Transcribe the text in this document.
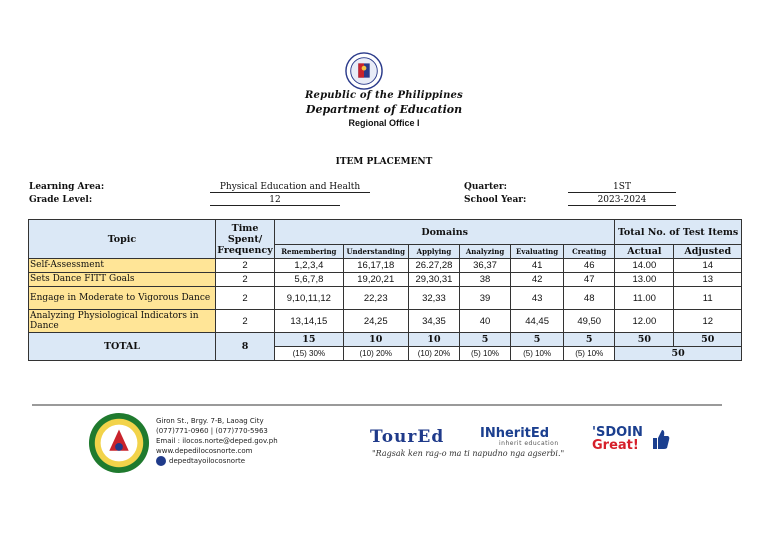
Republic of the Philippines
Department of Education
Regional Office I
ITEM PLACEMENT
Learning Area:	Physical Education and Health
Grade Level:	12
Quarter:	1ST
School Year:	2023-2024
Topic	Time Spent/ Frequency	Domains						Total No. of Test Items	
		Remembering	Understanding	Applying	Analyzing	Evaluating	Creating	Actual	Adjusted
Self-Assessment	2	1,2,3,4	16,17,18	26.27,28	36,37	41	46	14.00	14
Sets Dance FITT Goals	2	5,6,7,8	19,20,21	29,30,31	38	42	47	13.00	13
Engage in Moderate to Vigorous Dance	2	9,10,11,12	22,23	32,33	39	43	48	11.00	11
Analyzing Physiological Indicators in Dance	2	13,14,15	24,25	34,35	40	44,45	49,50	12.00	12
TOTAL	8	15	10	10	5	5	5	50	50
		(15) 30%	(10) 20%	(10) 20%	(5) 10%	(5) 10%	(5) 10%	50	
Giron St., Brgy. 7-B, Laoag City
(077)771-0960 | (077)770-5963
Email : ilocos.norte@deped.gov.ph
www.depedilocosnorte.com
depedtayoilocosnorte
TourEd	INheritEd
inherit education
"Ragsak ken rag-o ma ti napudno nga agserbi."
'SDOIN
Great!
